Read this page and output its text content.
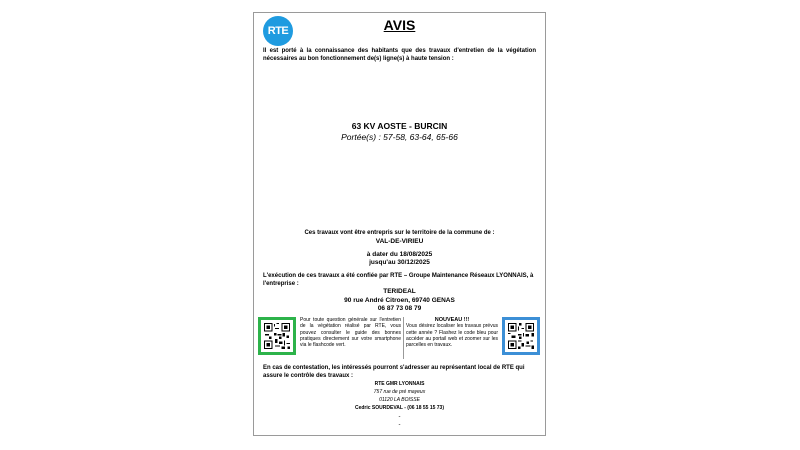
RTE	AVIS
Il est porté à la connaissance des habitants que des travaux d'entretien de la végétation nécessaires au bon fonctionnement de(s) ligne(s) à haute tension :
63 KV AOSTE - BURCIN
Portée(s) : 57-58, 63-64, 65-66
Ces travaux vont être entrepris sur le territoire de la commune de :
VAL-DE-VIRIEU
à dater du 18/08/2025
jusqu'au 30/12/2025
L'exécution de ces travaux a été confiée par RTE – Groupe Maintenance Réseaux LYONNAIS, à l'entreprise :
TERIDEAL
90 rue André Citroen, 69740 GENAS
06 87 73 08 79
Pour toute question générale sur l'entretien de la végétation réalisé par RTE, vous pouvez consulter le guide des bonnes pratiques directement sur votre smartphone via le flashcode vert.
NOUVEAU !!!
Vous désirez localiser les travaux prévus cette année ? Flashez le code bleu pour accéder au portail web et zoomer sur les parcelles en travaux.
En cas de contestation, les intéressés pourront s'adresser au représentant local de RTE qui assure le contrôle des travaux :
RTE GMR LYONNAIS
757 rue de pré mayeux
01120 LA BOISSE
Cedric SOURDEVAL - (06 18 55 15 73)
-
-
